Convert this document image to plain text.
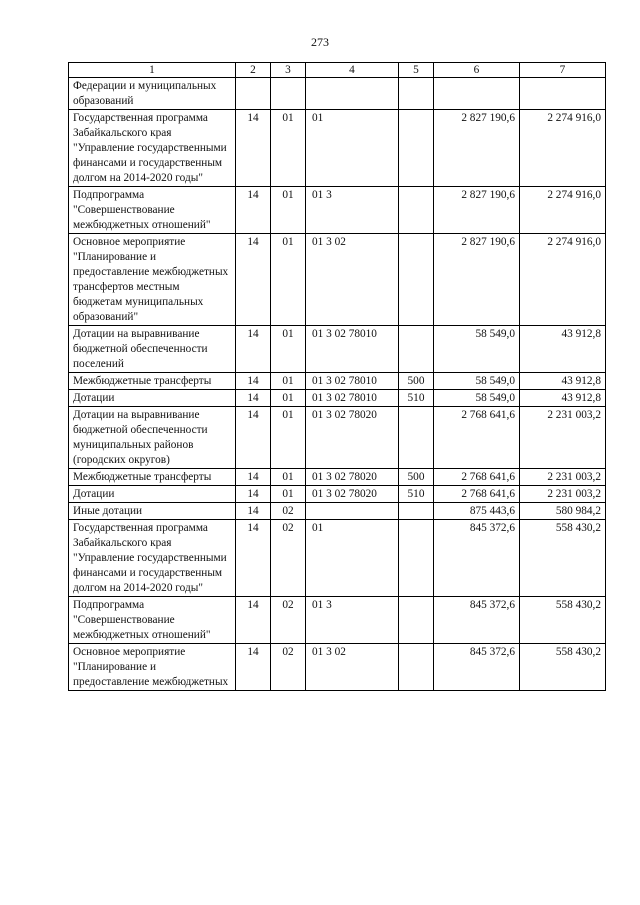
273
1	2	3	4	5	6	7
Федерации и муниципальных образований						
Государственная программа Забайкальского края "Управление государственными финансами и государственным долгом на 2014-2020 годы"	14	01	01		2 827 190,6	2 274 916,0
Подпрограмма "Совершенствование межбюджетных отношений"	14	01	01 3		2 827 190,6	2 274 916,0
Основное мероприятие "Планирование и предоставление межбюджетных трансфертов местным бюджетам муниципальных образований"	14	01	01 3 02		2 827 190,6	2 274 916,0
Дотации на выравнивание бюджетной обеспеченности поселений	14	01	01 3 02 78010		58 549,0	43 912,8
Межбюджетные трансферты	14	01	01 3 02 78010	500	58 549,0	43 912,8
Дотации	14	01	01 3 02 78010	510	58 549,0	43 912,8
Дотации на выравнивание бюджетной обеспеченности муниципальных районов (городских округов)	14	01	01 3 02 78020		2 768 641,6	2 231 003,2
Межбюджетные трансферты	14	01	01 3 02 78020	500	2 768 641,6	2 231 003,2
Дотации	14	01	01 3 02 78020	510	2 768 641,6	2 231 003,2
Иные дотации	14	02			875 443,6	580 984,2
Государственная программа Забайкальского края "Управление государственными финансами и государственным долгом на 2014-2020 годы"	14	02	01		845 372,6	558 430,2
Подпрограмма "Совершенствование межбюджетных отношений"	14	02	01 3		845 372,6	558 430,2
Основное мероприятие "Планирование и предоставление межбюджетных	14	02	01 3 02		845 372,6	558 430,2
